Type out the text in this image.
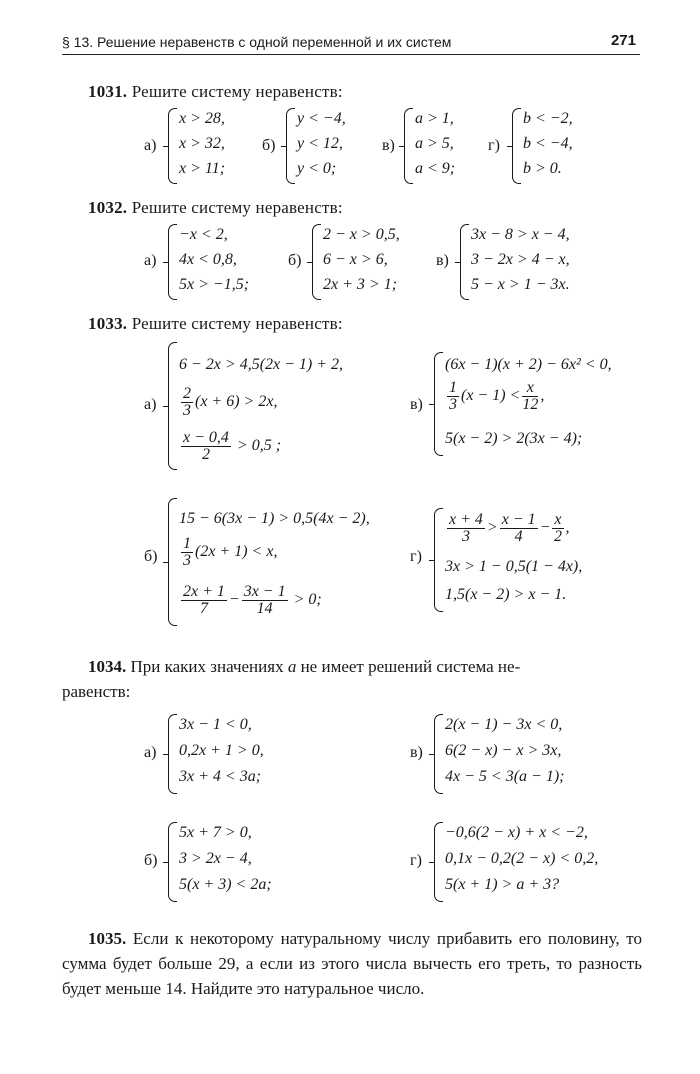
§ 13. Решение неравенств с одной переменной и их систем	271
1031. Решите систему неравенств:
а)
x > 28,
x > 32,
x > 11;
б)
y < −4,
y < 12,
y < 0;
в)
a > 1,
a > 5,
a < 9;
г)
b < −2,
b < −4,
b > 0.
1032. Решите систему неравенств:
а)
−x < 2,
4x < 0,8,
5x > −1,5;
б)
2 − x > 0,5,
6 − x > 6,
2x + 3 > 1;
в)
3x − 8 > x − 4,
3 − 2x > 4 − x,
5 − x > 1 − 3x.
1033. Решите систему неравенств:
а)
6 − 2x > 4,5(2x − 1) + 2,
$\frac{2}{3} (x + 6) > 2x$,
$\frac{x - 0,4}{2} > 0,5$ ;
в)
(6x − 1)(x + 2) − 6x² < 0,
$\frac{1}{3} (x - 1) < \frac{x}{12}$ ,
5(x − 2) > 2(3x − 4);
б)
15 − 6(3x − 1) > 0,5(4x − 2),
$\frac{1}{3} (2x + 1) < x$,
$\frac{2x + 1}{7} - \frac{3x - 1}{14} > 0$;
г)
$\frac{x + 4}{3} > \frac{x - 1}{4} - \frac{x}{2}$ ,
3x > 1 − 0,5(1 − 4x),
1,5(x − 2) > x − 1.
1034. При каких значениях a не имеет решений система не-
равенств:
а)
3x − 1 < 0,
0,2x + 1 > 0,
3x + 4 < 3a;
в)
2(x − 1) − 3x < 0,
6(2 − x) − x > 3x,
4x − 5 < 3(a − 1);
б)
5x + 7 > 0,
3 > 2x − 4,
5(x + 3) < 2a;
г)
−0,6(2 − x) + x < −2,
0,1x − 0,2(2 − x) < 0,2,
5(x + 1) > a + 3?
1035. Если к некоторому натуральному числу прибавить его половину, то сумма будет больше 29, а если из этого числа вычесть его треть, то разность будет меньше 14. Найдите это натуральное число.
